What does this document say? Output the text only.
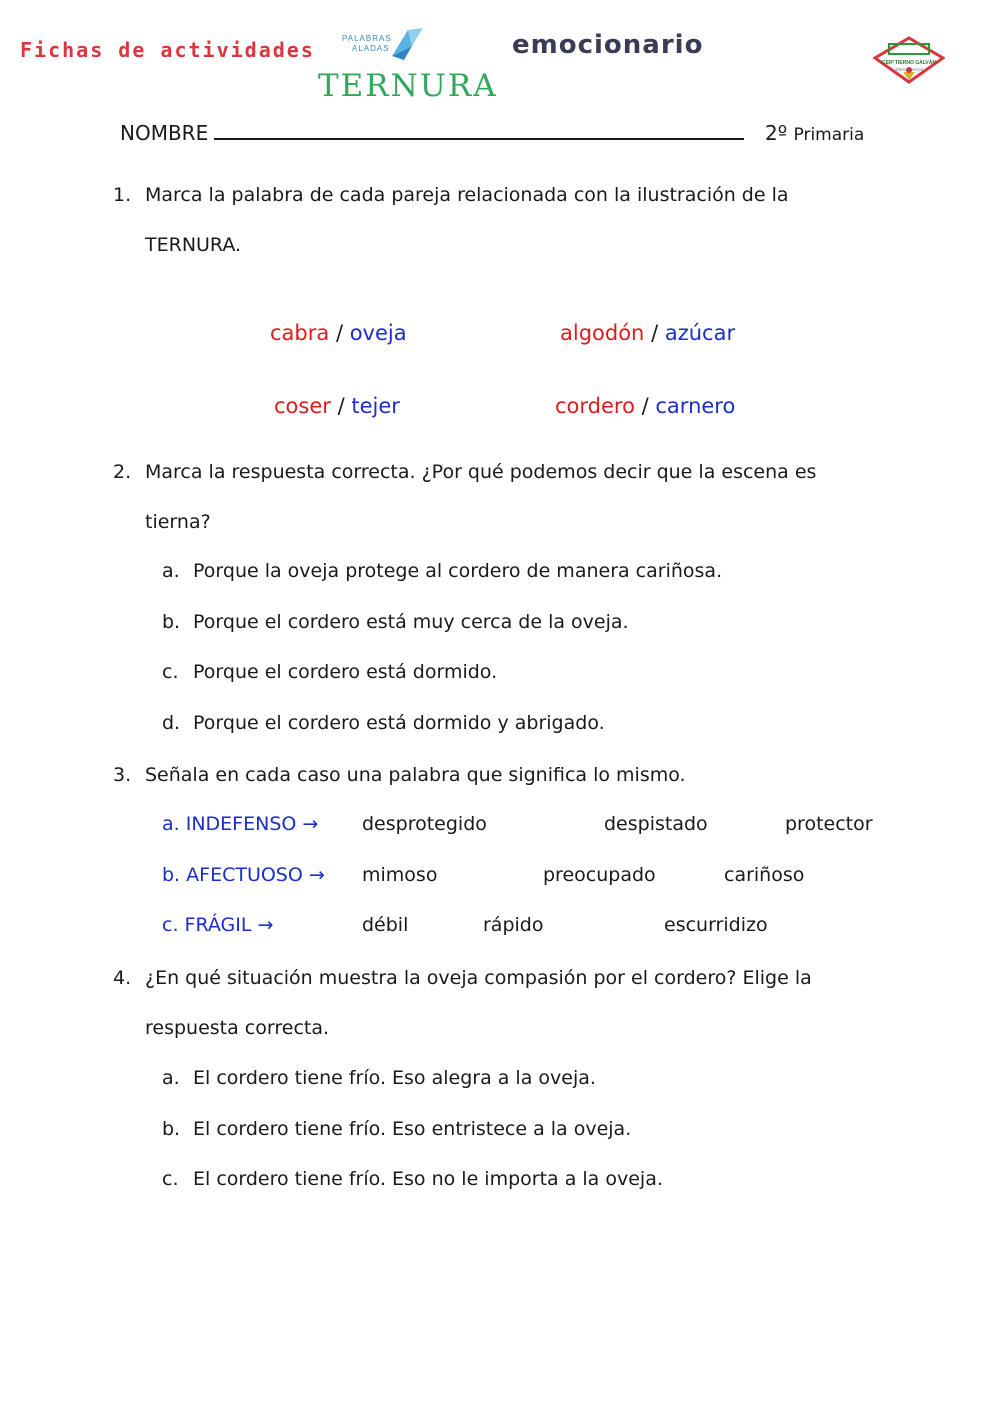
Fichas de actividades	PALABRAS
ALADAS
TERNURA
emocionario
CEIP TIERNO GALVÁN
TRES CANTOS
NOMBRE	2º Primaria
1. Marca la palabra de cada pareja relacionada con la ilustración de la
TERNURA.
cabra / oveja	algodón / azúcar
coser / tejer	cordero / carnero
2. Marca la respuesta correcta. ¿Por qué podemos decir que la escena es
tierna?
a. Porque la oveja protege al cordero de manera cariñosa.
b. Porque el cordero está muy cerca de la oveja.
c. Porque el cordero está dormido.
d. Porque el cordero está dormido y abrigado.
3. Señala en cada caso una palabra que significa lo mismo.
a. INDEFENSO → desprotegido	despistado	protector
b. AFECTUOSO → mimoso	preocupado	cariñoso
c. FRÁGIL →	débil	rápido	escurridizo
4. ¿En qué situación muestra la oveja compasión por el cordero? Elige la
respuesta correcta.
a. El cordero tiene frío. Eso alegra a la oveja.
b. El cordero tiene frío. Eso entristece a la oveja.
c. El cordero tiene frío. Eso no le importa a la oveja.
